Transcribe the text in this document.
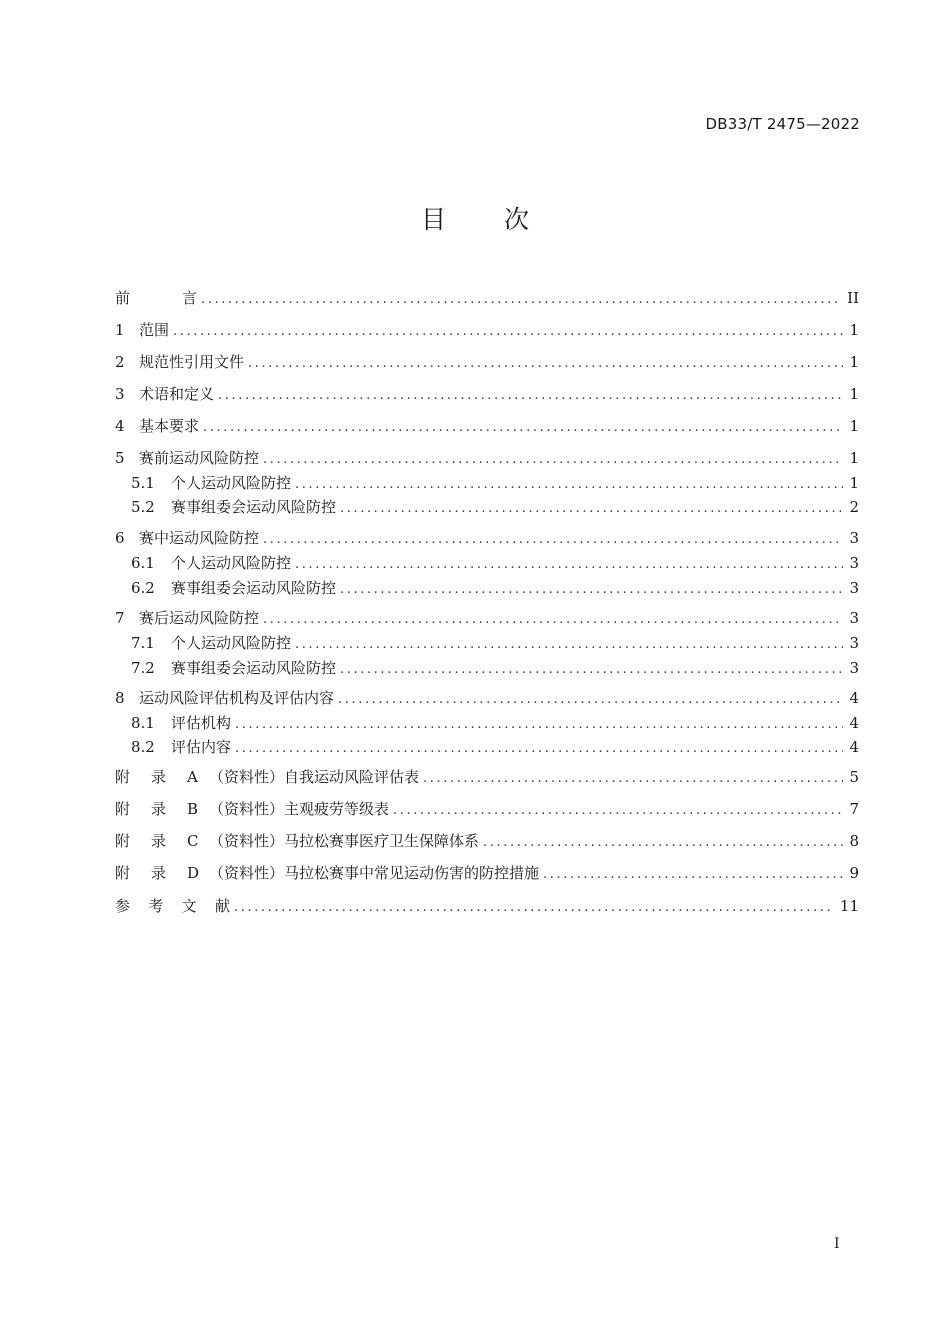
DB33/T 2475—2022
目 次
前	言 .....	II
1 范围 .....	1
2 规范性引用文件 .....	1
3 术语和定义 .....	1
4 基本要求 .....	1
5 赛前运动风险防控 .....	1
5.1	个人运动风险防控 .....	1
5.2	赛事组委会运动风险防控 .....	2
6 赛中运动风险防控 .....	3
6.1	个人运动风险防控 .....	3
6.2	赛事组委会运动风险防控 .....	3
7 赛后运动风险防控 .....	3
7.1	个人运动风险防控 .....	3
7.2	赛事组委会运动风险防控 .....	3
8 运动风险评估机构及评估内容 .....	4
8.1	评估机构 .....	4
8.2	评估内容 .....	4
附 录 A （资料性） 自我运动风险评估表 .....	5
附 录 B （资料性） 主观疲劳等级表 .....	7
附 录 C （资料性） 马拉松赛事医疗卫生保障体系 .....	8
附 录 D （资料性） 马拉松赛事中常见运动伤害的防控措施 .....	9
参 考 文 献 .....	11
I
